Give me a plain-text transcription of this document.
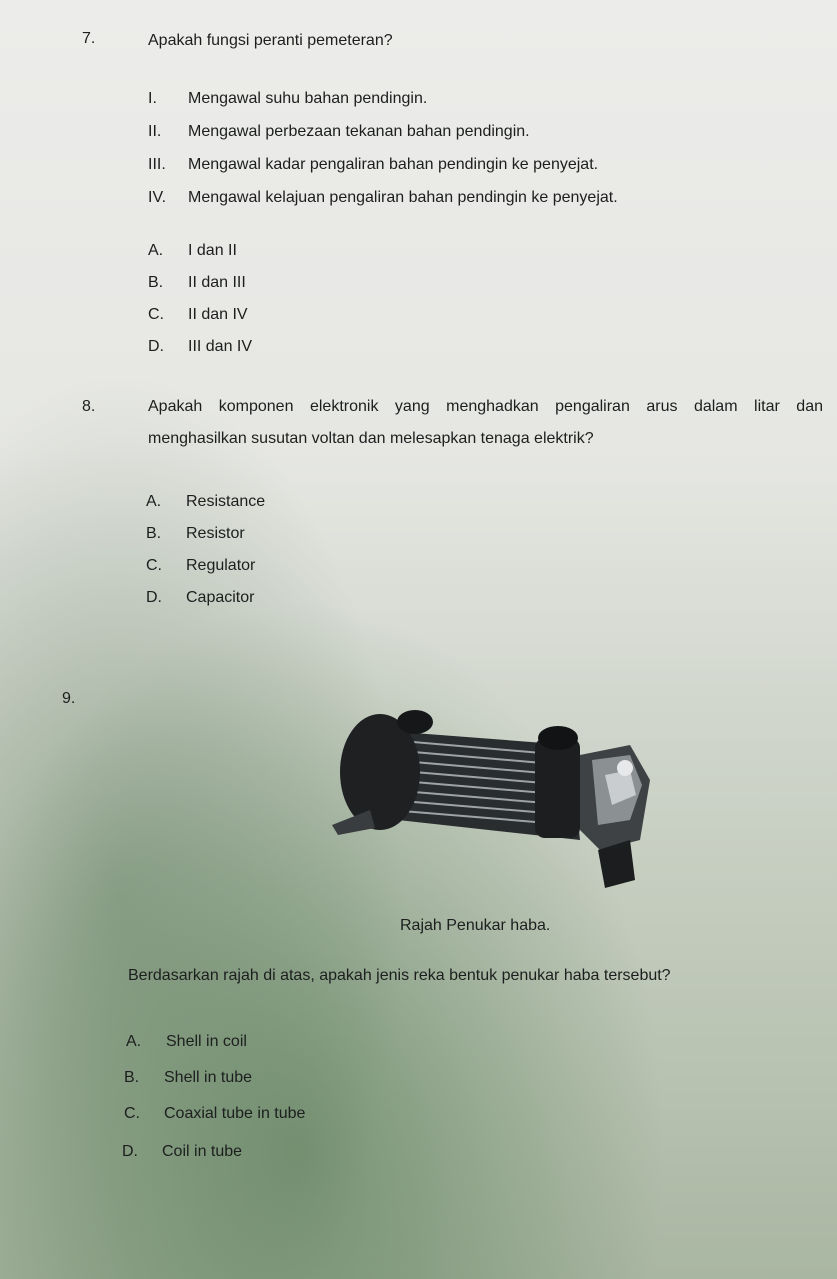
7.	Apakah fungsi peranti pemeteran?
I. Mengawal suhu bahan pendingin.
II. Mengawal perbezaan tekanan bahan pendingin.
III. Mengawal kadar pengaliran bahan pendingin ke penyejat.
IV. Mengawal kelajuan pengaliran bahan pendingin ke penyejat.
A. I dan II
B. II dan III
C. II dan IV
D. III dan IV
8.	Apakah komponen elektronik yang menghadkan pengaliran arus dalam litar dan
menghasilkan susutan voltan dan melesapkan tenaga elektrik?
A. Resistance
B. Resistor
C. Regulator
D. Capacitor
9.
Rajah Penukar haba.
Berdasarkan rajah di atas, apakah jenis reka bentuk penukar haba tersebut?
A. Shell in coil
B. Shell in tube
C. Coaxial tube in tube
D. Coil in tube
